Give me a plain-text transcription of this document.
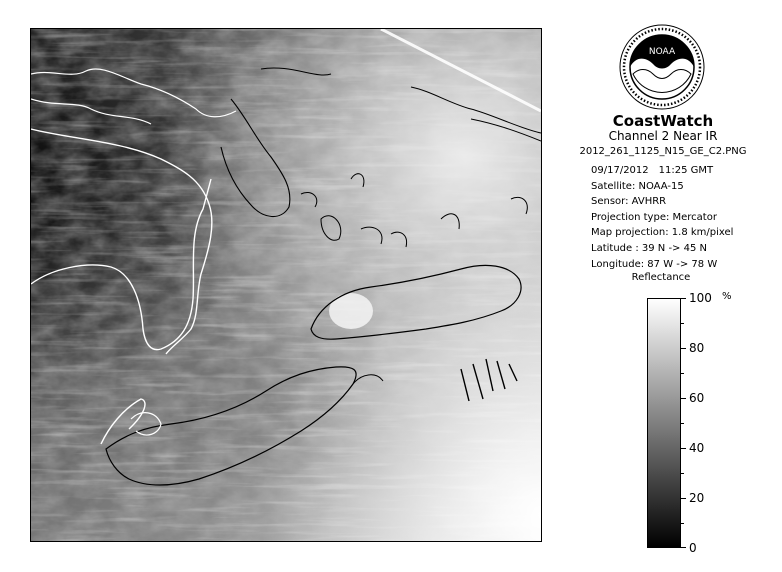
NOAA
CoastWatch
Channel 2 Near IR
2012_261_1125_N15_GE_C2.PNG
09/17/2012 11:25 GMT
Satellite: NOAA-15
Sensor: AVHRR
Projection type: Mercator
Map projection: 1.8 km/pixel
Latitude : 39 N -> 45 N
Longitude: 87 W -> 78 W
Reflectance
0
20
40
60
80
100 %
